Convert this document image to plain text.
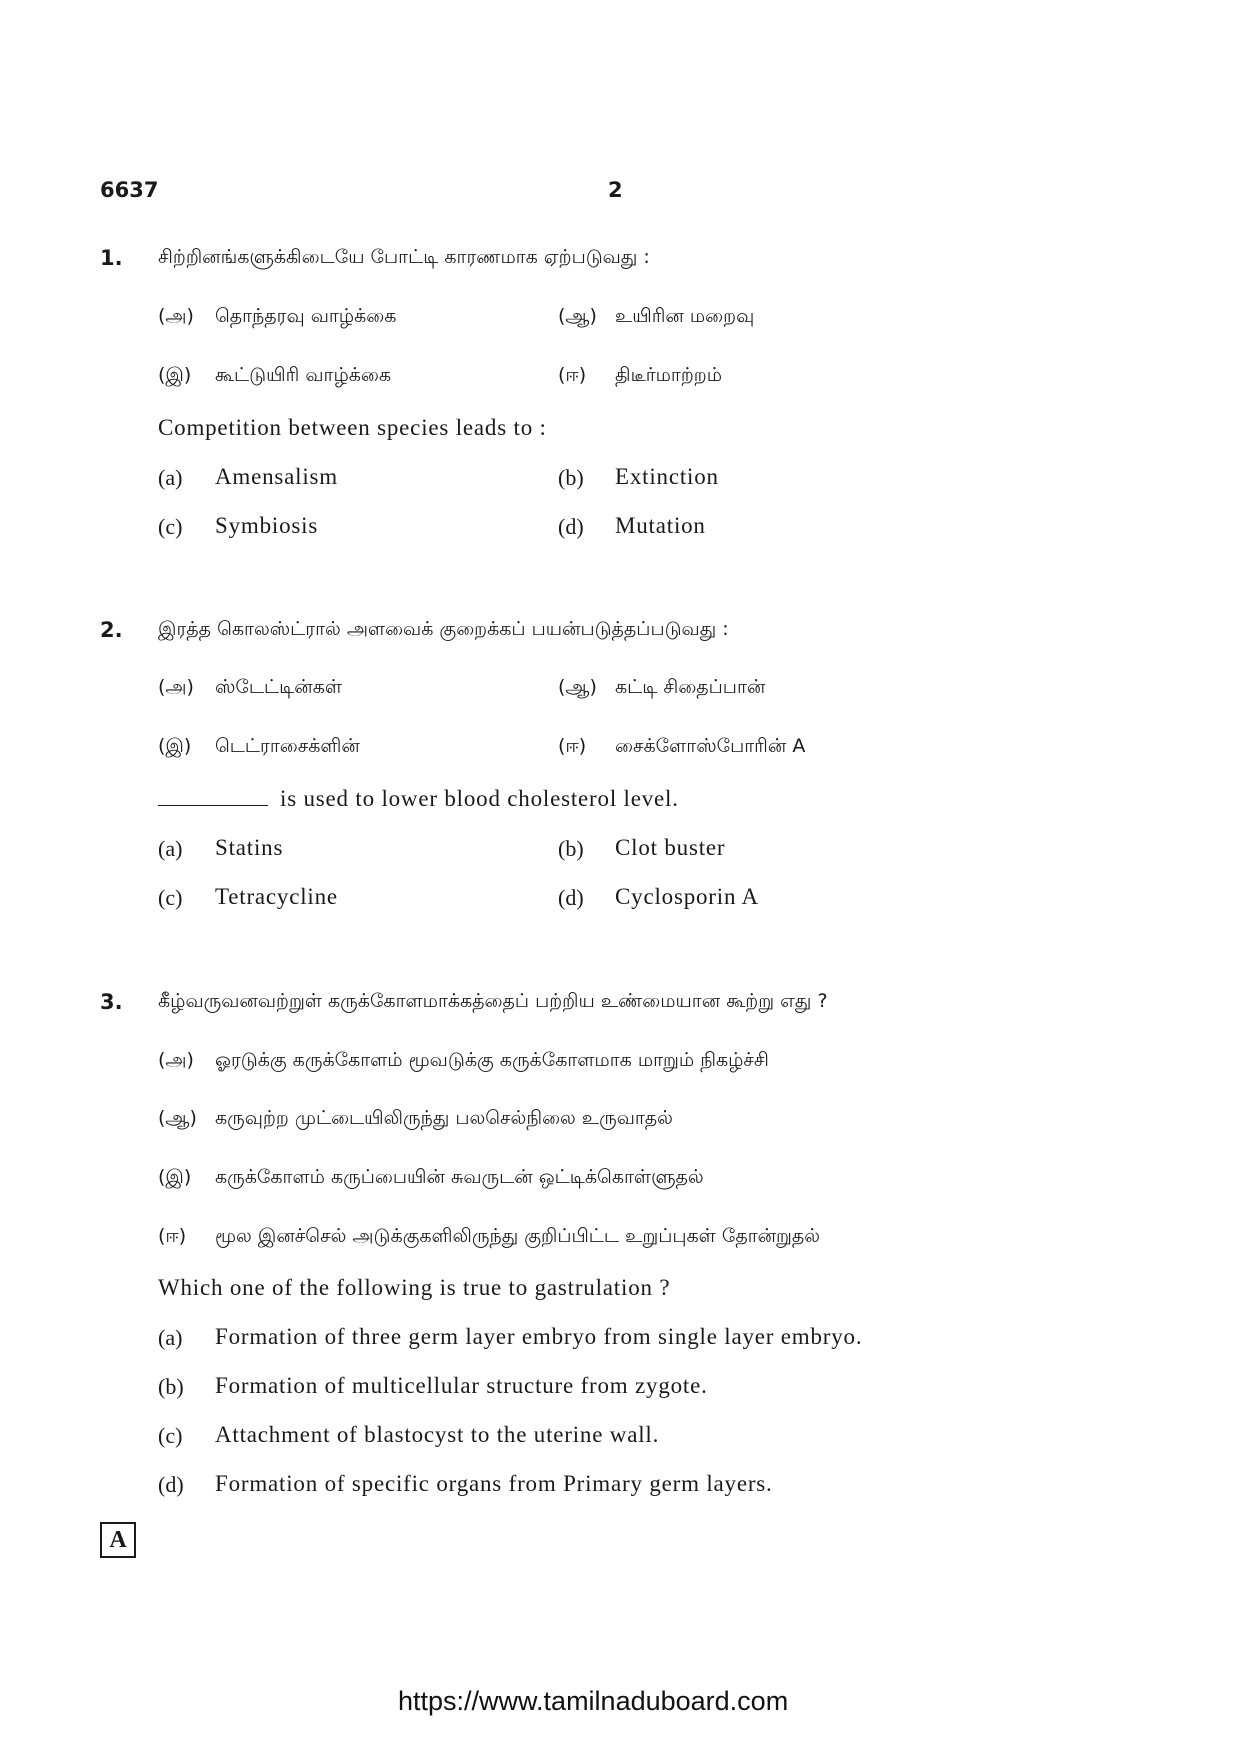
6637	2
1. சிற்றினங்களுக்கிடையே போட்டி காரணமாக ஏற்படுவது :
(அ) தொந்தரவு வாழ்க்கை	(ஆ) உயிரின மறைவு
(இ) கூட்டுயிரி வாழ்க்கை	(ஈ) திடீர்மாற்றம்
Competition between species leads to :
(a) Amensalism	(b) Extinction
(c) Symbiosis	(d) Mutation
2. இரத்த கொலஸ்ட்ரால் அளவைக் குறைக்கப் பயன்படுத்தப்படுவது :
(அ) ஸ்டேட்டின்கள்	(ஆ) கட்டி சிதைப்பான்
(இ) டெட்ராசைக்ளின்	(ஈ) சைக்ளோஸ்போரின் A
is used to lower blood cholesterol level.
(a) Statins	(b) Clot buster
(c) Tetracycline	(d) Cyclosporin A
3. கீழ்வருவனவற்றுள் கருக்கோளமாக்கத்தைப் பற்றிய உண்மையான கூற்று எது ?
(அ) ஓரடுக்கு கருக்கோளம் மூவடுக்கு கருக்கோளமாக மாறும் நிகழ்ச்சி
(ஆ) கருவுற்ற முட்டையிலிருந்து பலசெல்நிலை உருவாதல்
(இ) கருக்கோளம் கருப்பையின் சுவருடன் ஒட்டிக்கொள்ளுதல்
(ஈ) மூல இனச்செல் அடுக்குகளிலிருந்து குறிப்பிட்ட உறுப்புகள் தோன்றுதல்
Which one of the following is true to gastrulation ?
(a) Formation of three germ layer embryo from single layer embryo.
(b) Formation of multicellular structure from zygote.
(c) Attachment of blastocyst to the uterine wall.
(d) Formation of specific organs from Primary germ layers.
A
https://www.tamilnaduboard.com
